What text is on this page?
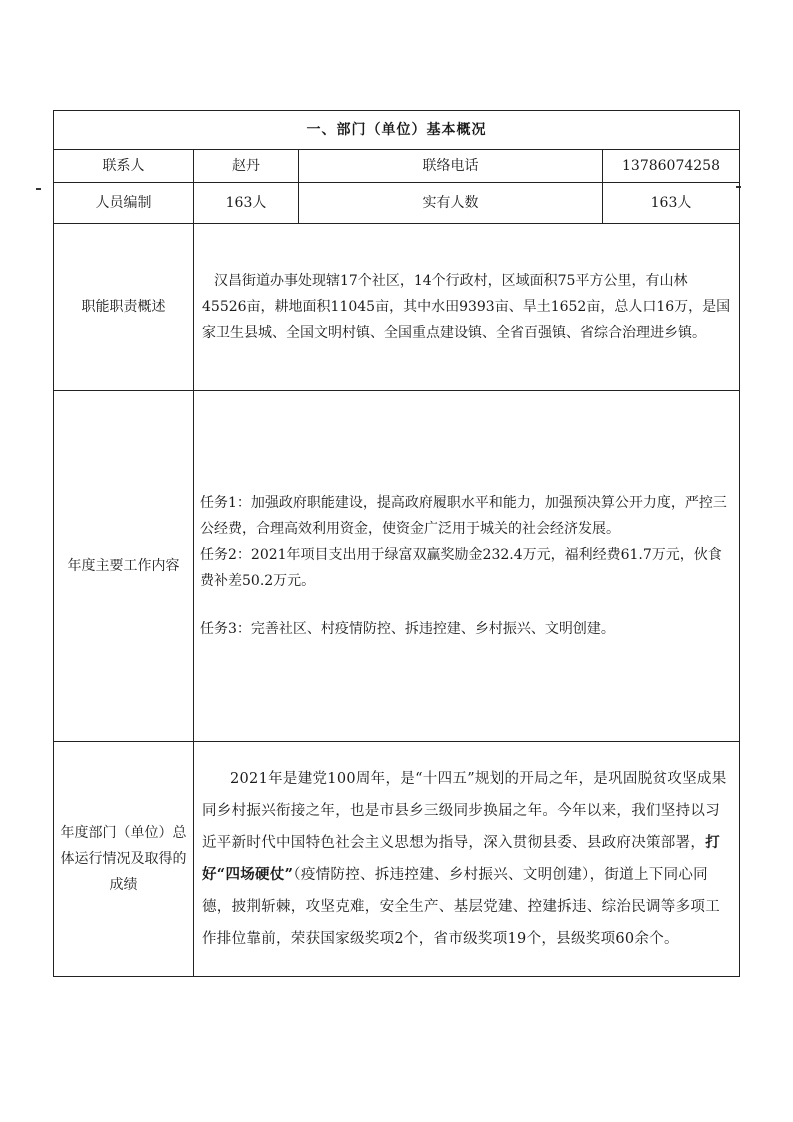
一、部门（单位）基本概况			
联系人	赵丹	联络电话	13786074258
人员编制	163人	实有人数	163人
职能职责概述	汉昌街道办事处现辖17个社区，14个行政村，区域面积75平方公里，有山林45526亩，耕地面积11045亩，其中水田9393亩、旱土1652亩，总人口16万，是国家卫生县城、全国文明村镇、全国重点建设镇、全省百强镇、省综合治理进乡镇。		

年度主要工作内容	任务1：加强政府职能建设，提高政府履职水平和能力，加强预决算公开力度，严控三公经费，合理高效利用资金，使资金广泛用于城关的社会经济发展。

任务2：2021年项目支出用于绿富双赢奖励金232.4万元，福利经费61.7万元，伙食费补差50.2万元。

任务3：完善社区、村疫情防控、拆违控建、乡村振兴、文明创建。		

年度部门（单位）总体运行情况及取得的成绩	2021年是建党100周年，是“十四五”规划的开局之年，是巩固脱贫攻坚成果同乡村振兴衔接之年，也是市县乡三级同步换届之年。今年以来，我们坚持以习近平新时代中国特色社会主义思想为指导，深入贯彻县委、县政府决策部署，打好“四场硬仗”（疫情防控、拆违控建、乡村振兴、文明创建），街道上下同心同德，披荆斩棘，攻坚克难，安全生产、基层党建、控建拆违、综治民调等多项工作排位靠前，荣获国家级奖项2个，省市级奖项19个，县级奖项60余个。		
